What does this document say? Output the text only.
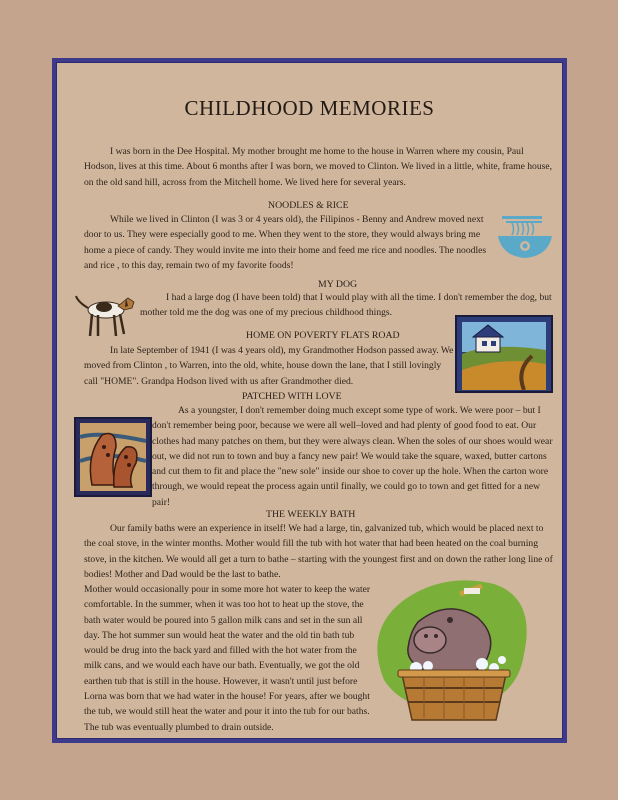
CHILDHOOD MEMORIES

I was born in the Dee Hospital. My mother brought me home to the house in Warren where my cousin, Paul Hodson, lives at this time. About 6 months after I was born, we moved to Clinton. We lived in a little, white, frame house, on the old sand hill, across from the Mitchell home. We lived here for several years.

NOODLES & RICE

While we lived in Clinton (I was 3 or 4 years old), the Filipinos - Benny and Andrew moved next door to us. They were especially good to me. When they went to the store, they would always bring me home a piece of candy. They would invite me into their home and feed me rice and noodles. The noodles and rice , to this day, remain two of my favorite foods!

MY DOG

I had a large dog (I have been told) that I would play with all the time. I don't remember the dog, but mother told me the dog was one of my precious childhood things.

HOME ON POVERTY FLATS ROAD

In late September of 1941 (I was 4 years old), my Grandmother Hodson passed away. We moved from Clinton , to Warren, into the old, white, house down the lane, that I still lovingly call "HOME". Grandpa Hodson lived with us after Grandmother died.

PATCHED WITH LOVE

As a youngster, I don't remember doing much except some type of work. We were poor – but I don't remember being poor, because we were all well–loved and had plenty of good food to eat. Our clothes had many patches on them, but they were always clean. When the soles of our shoes would wear out, we did not run to town and buy a fancy new pair! We would take the square, waxed, butter cartons and cut them to fit and place the "new sole" inside our shoe to cover up the hole. When the carton wore through, we would repeat the process again until finally, we could go to town and get fitted for a new pair!

THE WEEKLY BATH

Our family baths were an experience in itself! We had a large, tin, galvanized tub, which would be placed next to the coal stove, in the winter months. Mother would fill the tub with hot water that had been heated on the coal burning stove, in the kitchen. We would all get a turn to bathe – starting with the youngest first and on down the rather long line of bodies! Mother and Dad would be the last to bathe.

Mother would occasionally pour in some more hot water to keep the water comfortable. In the summer, when it was too hot to heat up the stove, the bath water would be poured into 5 gallon milk cans and set in the sun all day. The hot summer sun would heat the water and the old tin bath tub would be drug into the back yard and filled with the hot water from the milk cans, and we would each have our bath. Eventually, we got the old earthen tub that is still in the house. However, it wasn't until just before Lorna was born that we had water in the house! For years, after we bought the tub, we would still heat the water and pour it into the tub for our baths. The tub was eventually plumbed to drain outside.
